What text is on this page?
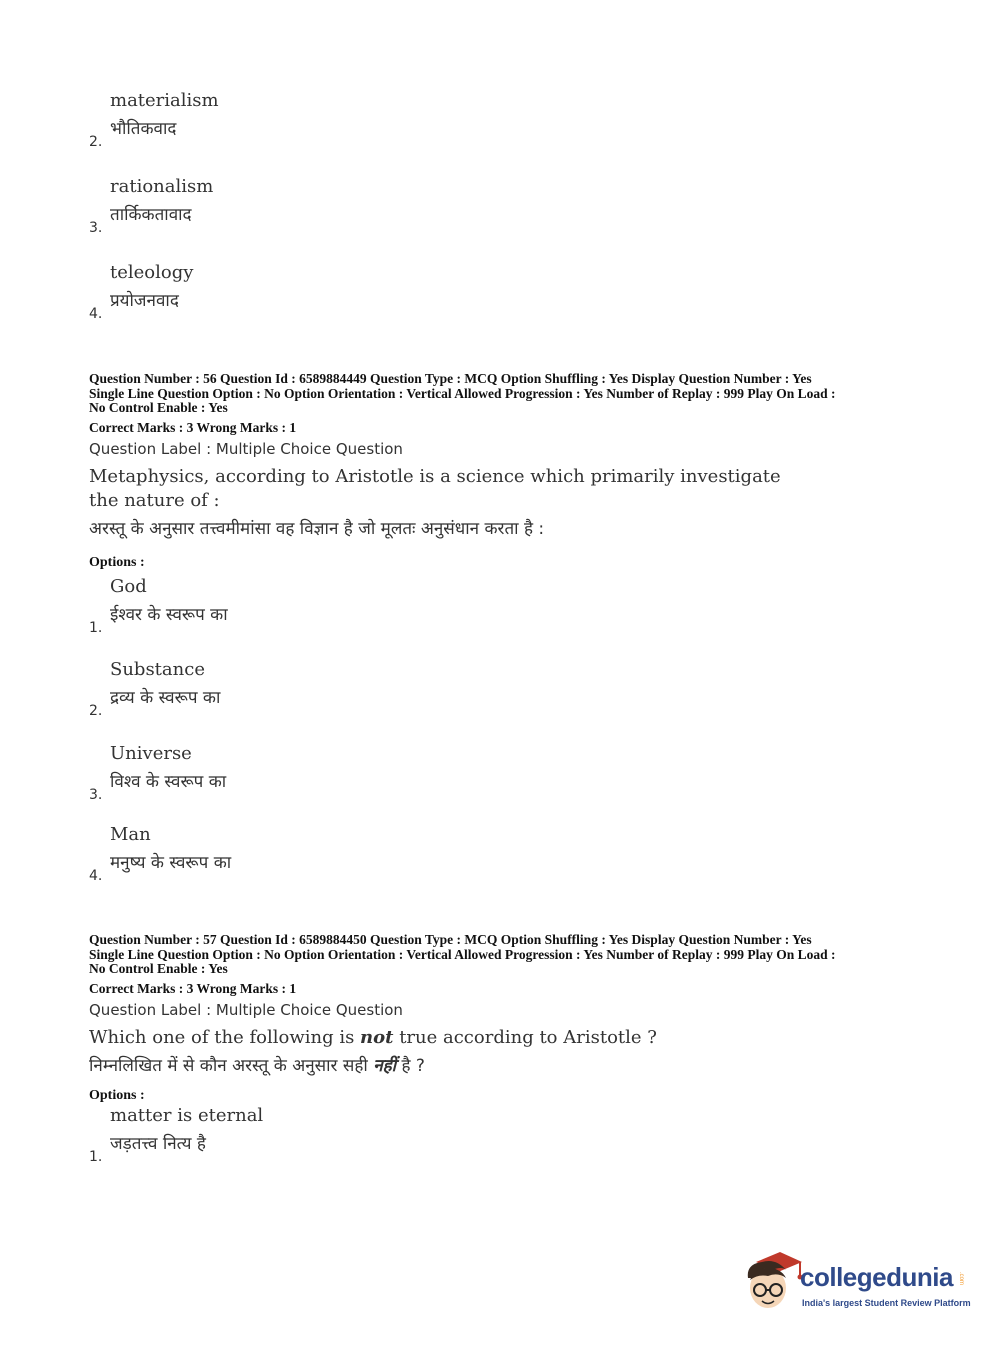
materialism
भौतिकवाद
2.
rationalism
तार्किकतावाद
3.
teleology
प्रयोजनवाद
4.
Question Number : 56 Question Id : 6589884449 Question Type : MCQ Option Shuffling : Yes Display Question Number : Yes
Single Line Question Option : No Option Orientation : Vertical Allowed Progression : Yes Number of Replay : 999 Play On Load :
No Control Enable : Yes
Correct Marks : 3 Wrong Marks : 1
Question Label : Multiple Choice Question
Metaphysics, according to Aristotle is a science which primarily investigate the nature of :
अरस्तू के अनुसार तत्त्वमीमांसा वह विज्ञान है जो मूलतः अनुसंधान करता है :
Options :
God
ईश्वर के स्वरूप का
1.
Substance
द्रव्य के स्वरूप का
2.
Universe
विश्व के स्वरूप का
3.
Man
मनुष्य के स्वरूप का
4.
Question Number : 57 Question Id : 6589884450 Question Type : MCQ Option Shuffling : Yes Display Question Number : Yes
Single Line Question Option : No Option Orientation : Vertical Allowed Progression : Yes Number of Replay : 999 Play On Load :
No Control Enable : Yes
Correct Marks : 3 Wrong Marks : 1
Question Label : Multiple Choice Question
Which one of the following is not true according to Aristotle ?
निम्नलिखित में से कौन अरस्तू के अनुसार सही नहीं है ?
Options :
matter is eternal
जड़तत्त्व नित्य है
1.
collegedunia .com
India's largest Student Review Platform
